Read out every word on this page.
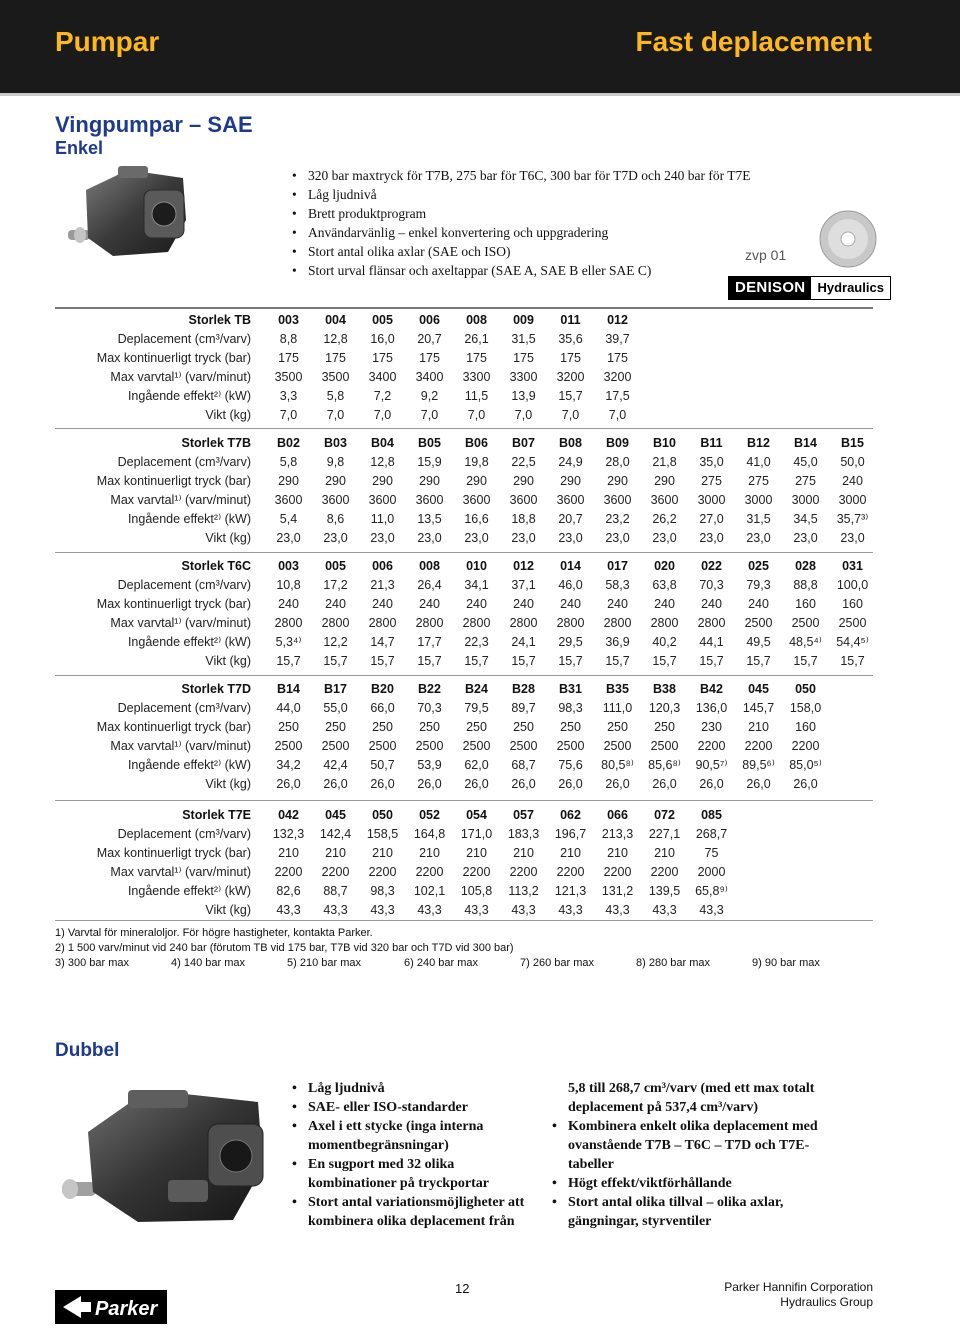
Pumpar	Fast deplacement
Vingpumpar – SAE
Enkel
• 320 bar maxtryck för T7B, 275 bar för T6C, 300 bar för T7D och 240 bar för T7E
• Låg ljudnivå
• Brett produktprogram
• Användarvänlig – enkel konvertering och uppgradering
• Stort antal olika axlar (SAE och ISO)
• Stort urval flänsar och axeltappar (SAE A, SAE B eller SAE C)
zvp 01
DENISON Hydraulics
Storlek TB	003	004	005	006	008	009	011	012
Deplacement (cm³/varv)	8,8	12,8	16,0	20,7	26,1	31,5	35,6	39,7
Max kontinuerligt tryck (bar)	175	175	175	175	175	175	175	175
Max varvtal¹⁾ (varv/minut)	3500	3500	3400	3400	3300	3300	3200	3200
Ingående effekt²⁾ (kW)	3,3	5,8	7,2	9,2	11,5	13,9	15,7	17,5
Vikt (kg)	7,0	7,0	7,0	7,0	7,0	7,0	7,0	7,0
Storlek T7B	B02	B03	B04	B05	B06	B07	B08	B09	B10	B11	B12	B14	B15
Deplacement (cm³/varv)	5,8	9,8	12,8	15,9	19,8	22,5	24,9	28,0	21,8	35,0	41,0	45,0	50,0
Max kontinuerligt tryck (bar)	290	290	290	290	290	290	290	290	290	275	275	275	240
Max varvtal¹⁾ (varv/minut)	3600	3600	3600	3600	3600	3600	3600	3600	3600	3000	3000	3000	3000
Ingående effekt²⁾ (kW)	5,4	8,6	11,0	13,5	16,6	18,8	20,7	23,2	26,2	27,0	31,5	34,5	35,7³⁾
Vikt (kg)	23,0	23,0	23,0	23,0	23,0	23,0	23,0	23,0	23,0	23,0	23,0	23,0	23,0
Storlek T6C	003	005	006	008	010	012	014	017	020	022	025	028	031
Deplacement (cm³/varv)	10,8	17,2	21,3	26,4	34,1	37,1	46,0	58,3	63,8	70,3	79,3	88,8	100,0
Max kontinuerligt tryck (bar)	240	240	240	240	240	240	240	240	240	240	240	160	160
Max varvtal¹⁾ (varv/minut)	2800	2800	2800	2800	2800	2800	2800	2800	2800	2800	2500	2500	2500
Ingående effekt²⁾ (kW)	5,3⁴⁾	12,2	14,7	17,7	22,3	24,1	29,5	36,9	40,2	44,1	49,5	48,5⁴⁾	54,4⁵⁾
Vikt (kg)	15,7	15,7	15,7	15,7	15,7	15,7	15,7	15,7	15,7	15,7	15,7	15,7	15,7
Storlek T7D	B14	B17	B20	B22	B24	B28	B31	B35	B38	B42	045	050
Deplacement (cm³/varv)	44,0	55,0	66,0	70,3	79,5	89,7	98,3	111,0	120,3	136,0	145,7	158,0
Max kontinuerligt tryck (bar)	250	250	250	250	250	250	250	250	250	230	210	160
Max varvtal¹⁾ (varv/minut)	2500	2500	2500	2500	2500	2500	2500	2500	2500	2200	2200	2200
Ingående effekt²⁾ (kW)	34,2	42,4	50,7	53,9	62,0	68,7	75,6	80,5⁸⁾	85,6⁸⁾	90,5⁷⁾	89,5⁶⁾	85,0⁵⁾
Vikt (kg)	26,0	26,0	26,0	26,0	26,0	26,0	26,0	26,0	26,0	26,0	26,0	26,0
Storlek T7E	042	045	050	052	054	057	062	066	072	085
Deplacement (cm³/varv)	132,3	142,4	158,5	164,8	171,0	183,3	196,7	213,3	227,1	268,7
Max kontinuerligt tryck (bar)	210	210	210	210	210	210	210	210	210	75
Max varvtal¹⁾ (varv/minut)	2200	2200	2200	2200	2200	2200	2200	2200	2200	2000
Ingående effekt²⁾ (kW)	82,6	88,7	98,3	102,1	105,8	113,2	121,3	131,2	139,5	65,8⁹⁾
Vikt (kg)	43,3	43,3	43,3	43,3	43,3	43,3	43,3	43,3	43,3	43,3
1) Varvtal för mineraloljor. För högre hastigheter, kontakta Parker.
2) 1 500 varv/minut vid 240 bar (förutom TB vid 175 bar, T7B vid 320 bar och T7D vid 300 bar)
3) 300 bar max	4) 140 bar max	5) 210 bar max	6) 240 bar max	7) 260 bar max	8) 280 bar max	9) 90 bar max
Dubbel
• Låg ljudnivå
• SAE- eller ISO-standarder
• Axel i ett stycke (inga interna momentbegränsningar)
• En sugport med 32 olika kombinationer på tryckportar
• Stort antal variationsmöjligheter att kombinera olika deplacement från
5,8 till 268,7 cm³/varv (med ett max totalt deplacement på 537,4 cm³/varv)
• Kombinera enkelt olika deplacement med ovanstående T7B – T6C – T7D och T7E-tabeller
• Högt effekt/viktförhållande
• Stort antal olika tillval – olika axlar, gängningar, styrventiler
Parker
12	Parker Hannifin Corporation
Hydraulics Group
